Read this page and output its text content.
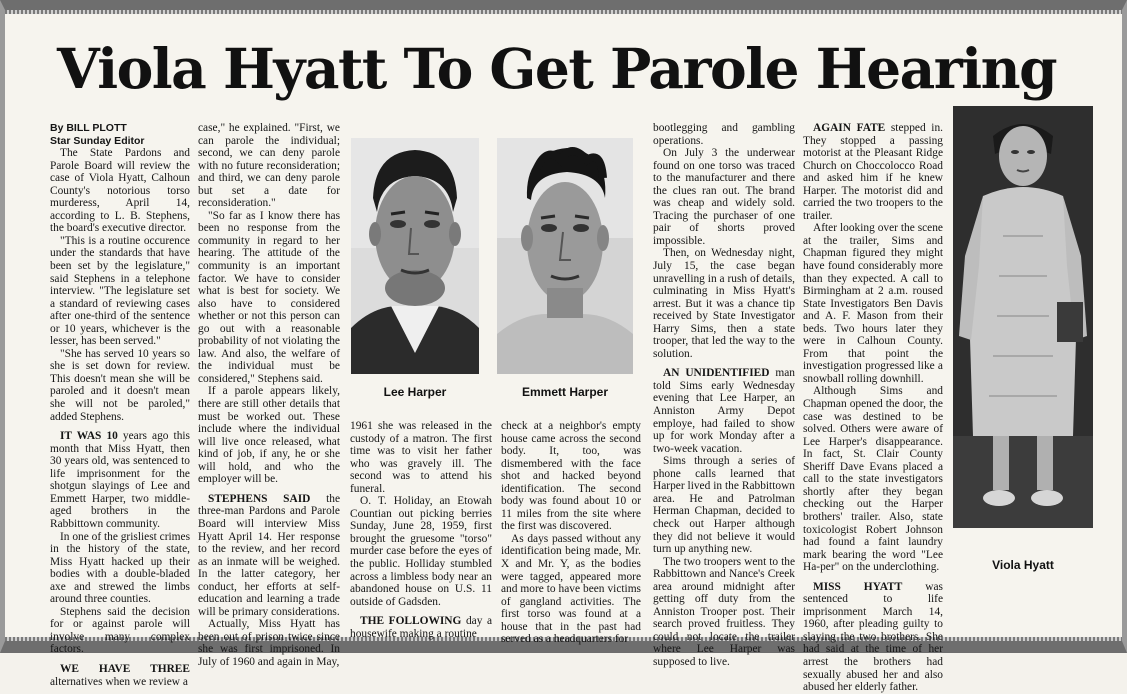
Viola Hyatt To Get Parole Hearing

By BILL PLOTT

Star Sunday Editor

The State Pardons and Parole Board will review the case of Viola Hyatt, Calhoun County's notorious torso murderess, April 14, according to L. B. Stephens, the board's executive director.

"This is a routine occurence under the standards that have been set by the legislature," said Stephens in a telephone interview. "The legislature set a standard of reviewing cases after one-third of the sentence or 10 years, whichever is the lesser, has been served."

"She has served 10 years so she is set down for review. This doesn't mean she will be paroled and it doesn't mean she will not be paroled," added Stephens.

IT WAS 10 years ago this month that Miss Hyatt, then 30 years old, was sentenced to life imprisonment for the shotgun slayings of Lee and Emmett Harper, two middle-aged brothers in the Rabbittown community.

In one of the grisliest crimes in the history of the state, Miss Hyatt hacked up their bodies with a double-bladed axe and strewed the limbs around three counties.

Stephens said the decision for or against parole will involve many complex factors.

WE HAVE THREE alternatives when we review a

case," he explained. "First, we can parole the individual; second, we can deny parole with no future reconsideration; and third, we can deny parole but set a date for reconsideration."

"So far as I know there has been no response from the community in regard to her hearing. The attitude of the community is an important factor. We have to consider what is best for society. We also have to considered whether or not this person can go out with a reasonable probability of not violating the law. And also, the welfare of the individual must be considered," Stephens said.

If a parole appears likely, there are still other details that must be worked out. These include where the individual will live once released, what kind of job, if any, he or she will hold, and who the employer will be.

STEPHENS SAID the three-man Pardons and Parole Board will interview Miss Hyatt April 14. Her response to the review, and her record as an inmate will be weighed. In the latter category, her conduct, her efforts at self-education and learning a trade will be primary considerations.

Actually, Miss Hyatt has been out of prison twice since she was first imprisoned. In July of 1960 and again in May,

Lee Harper	Emmett Harper

1961 she was released in the custody of a matron. The first time was to visit her father who was gravely ill. The second was to attend his funeral.

O. T. Holiday, an Etowah Countian out picking berries Sunday, June 28, 1959, first brought the gruesome "torso" murder case before the eyes of the public. Holliday stumbled across a limbless body near an abandoned house on U.S. 11 outside of Gadsden.

THE FOLLOWING day a housewife making a routine

check at a neighbor's empty house came across the second body. It, too, was dismembered with the face shot and hacked beyond identification. The second body was found about 10 or 11 miles from the site where the first was discovered.

As days passed without any identification being made, Mr. X and Mr. Y, as the bodies were tagged, appeared more and more to have been victims of gangland activities. The first torso was found at a house that in the past had served as a headquarters for

bootlegging and gambling operations.

On July 3 the underwear found on one torso was traced to the manufacturer and there the clues ran out. The brand was cheap and widely sold. Tracing the purchaser of one pair of shorts proved impossible.

Then, on Wednesday night, July 15, the case began unravelling in a rush of details, culminating in Miss Hyatt's arrest. But it was a chance tip received by State Investigator Harry Sims, then a state trooper, that led the way to the solution.

AN UNIDENTIFIED man told Sims early Wednesday evening that Lee Harper, an Anniston Army Depot employe, had failed to show up for work Monday after a two-week vacation.

Sims through a series of phone calls learned that Harper lived in the Rabbittown area. He and Patrolman Herman Chapman, decided to check out Harper although they did not believe it would turn up anything new.

The two troopers went to the Rabbittown and Nance's Creek area around midnight after getting off duty from the Anniston Trooper post. Their search proved fruitless. They could not locate the trailer where Lee Harper was supposed to live.

AGAIN FATE stepped in. They stopped a passing motorist at the Pleasant Ridge Church on Choccolocco Road and asked him if he knew Harper. The motorist did and carried the two troopers to the trailer.

After looking over the scene at the trailer, Sims and Chapman figured they might have found considerably more than they expected. A call to Birmingham at 2 a.m. roused State Investigators Ben Davis and A. F. Mason from their beds. Two hours later they were in Calhoun County. From that point the investigation progressed like a snowball rolling downhill.

Although Sims and Chapman opened the door, the case was destined to be solved. Others were aware of Lee Harper's disappearance. In fact, St. Clair County Sheriff Dave Evans placed a call to the state investigators shortly after they began checking out the Harper brothers' trailer. Also, state toxicologist Robert Johnson had found a faint laundry mark bearing the word "Lee Ha-per" on the underclothing.

MISS HYATT was sentenced to life imprisonment March 14, 1960, after pleading guilty to slaying the two brothers. She had said at the time of her arrest the brothers had sexually abused her and also abused her elderly father.

Viola Hyatt
